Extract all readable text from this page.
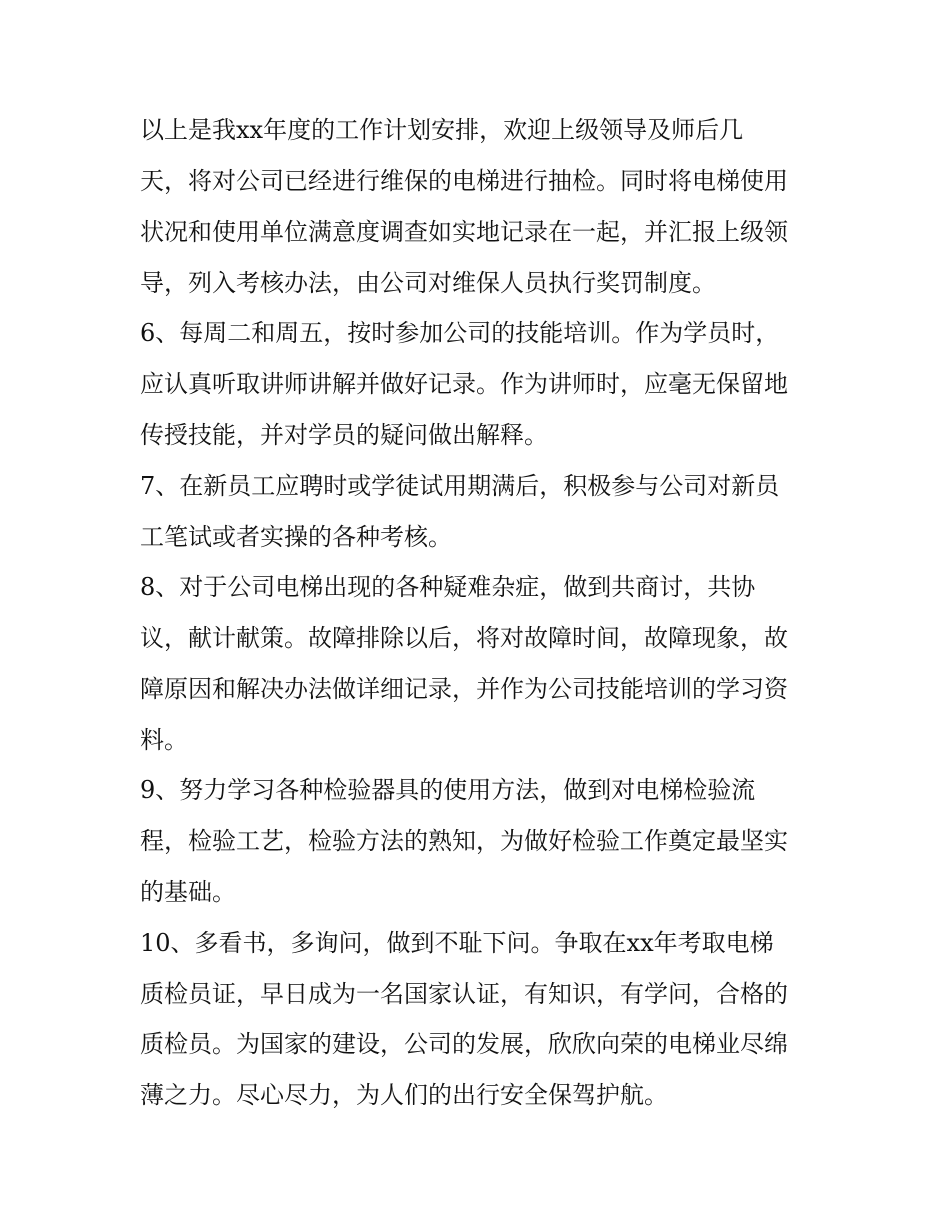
以上是我xx年度的工作计划安排，欢迎上级领导及师后几
天，将对公司已经进行维保的电梯进行抽检。同时将电梯使用
状况和使用单位满意度调查如实地记录在一起，并汇报上级领
导，列入考核办法，由公司对维保人员执行奖罚制度。
6、每周二和周五，按时参加公司的技能培训。作为学员时，
应认真听取讲师讲解并做好记录。作为讲师时，应毫无保留地
传授技能，并对学员的疑问做出解释。
7、在新员工应聘时或学徒试用期满后，积极参与公司对新员
工笔试或者实操的各种考核。
8、对于公司电梯出现的各种疑难杂症，做到共商讨，共协
议，献计献策。故障排除以后，将对故障时间，故障现象，故
障原因和解决办法做详细记录，并作为公司技能培训的学习资
料。
9、努力学习各种检验器具的使用方法，做到对电梯检验流
程，检验工艺，检验方法的熟知，为做好检验工作奠定最坚实
的基础。
10、多看书，多询问，做到不耻下问。争取在xx年考取电梯
质检员证，早日成为一名国家认证，有知识，有学问，合格的
质检员。为国家的建设，公司的发展，欣欣向荣的电梯业尽绵
薄之力。尽心尽力，为人们的出行安全保驾护航。
